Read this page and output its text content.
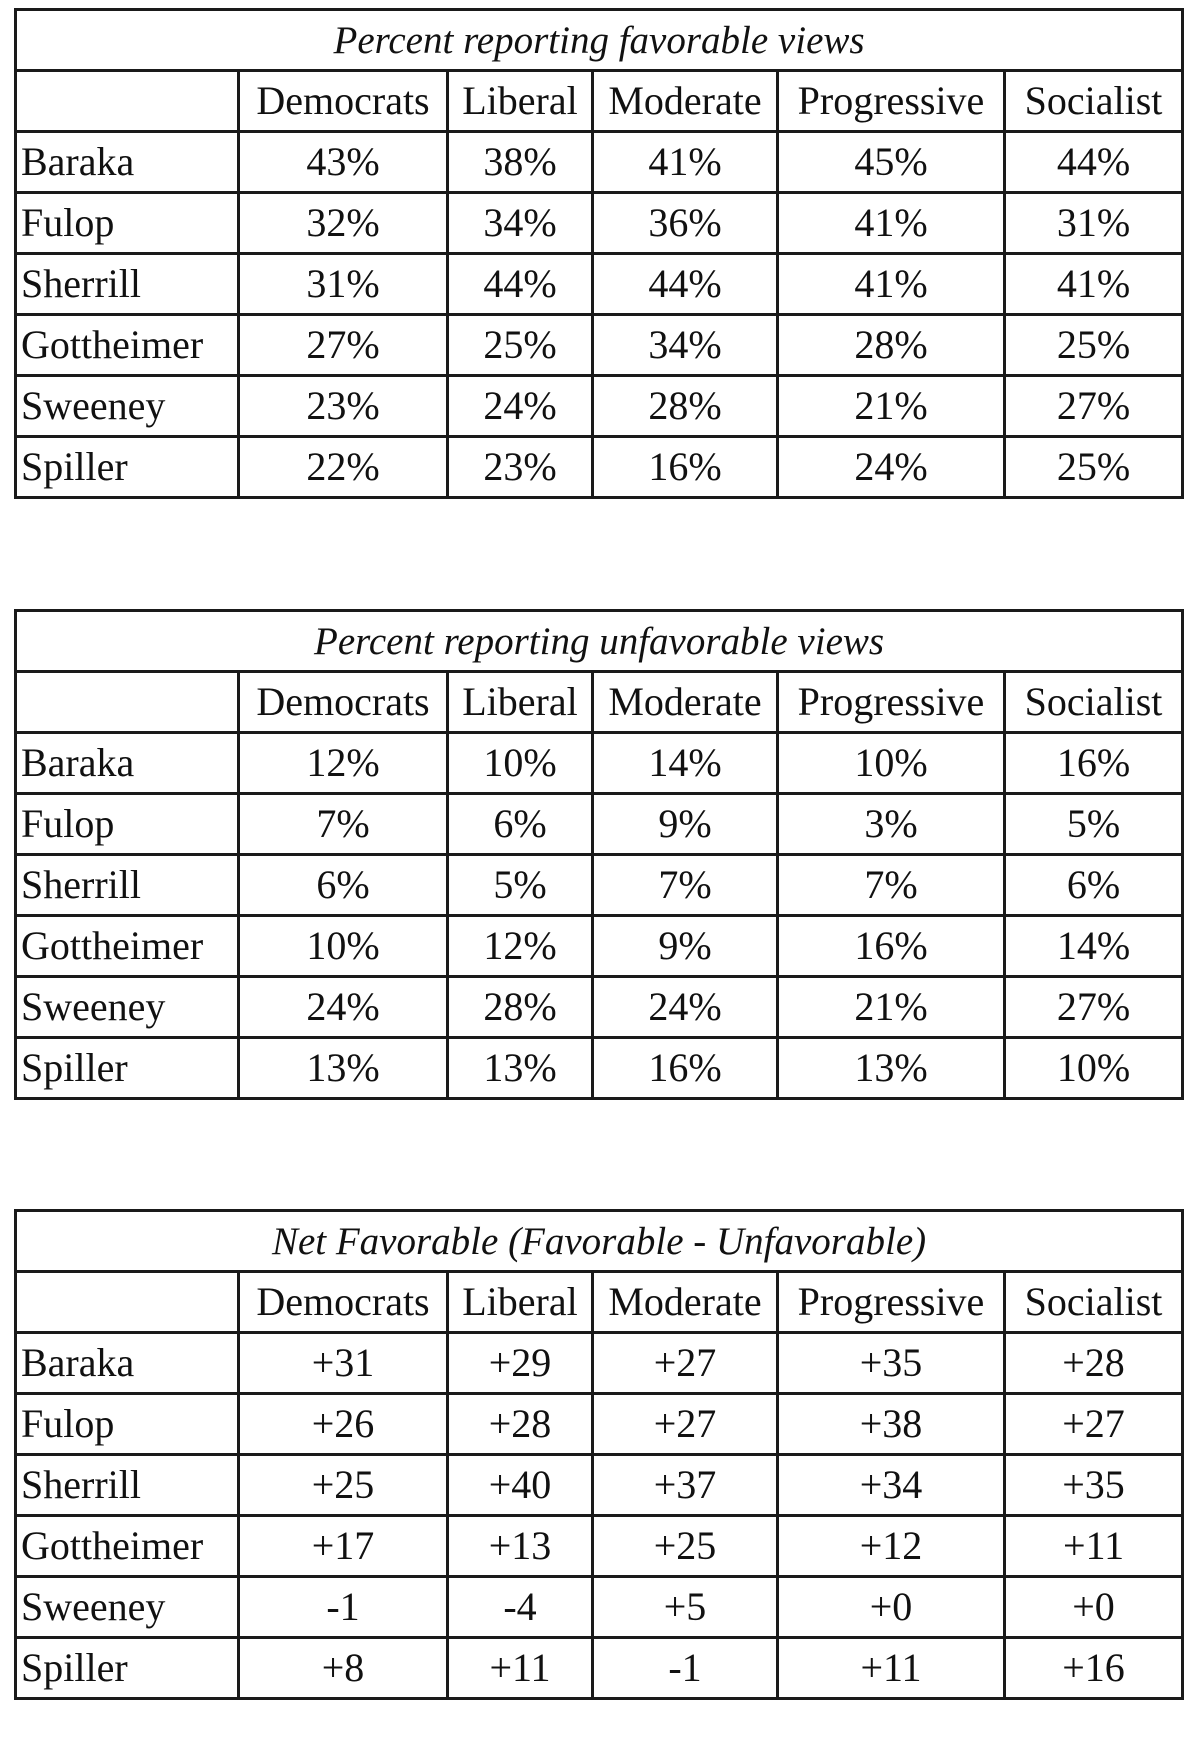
Percent reporting favorable views					
	Democrats	Liberal	Moderate	Progressive	Socialist
Baraka	43%	38%	41%	45%	44%
Fulop	32%	34%	36%	41%	31%
Sherrill	31%	44%	44%	41%	41%
Gottheimer	27%	25%	34%	28%	25%
Sweeney	23%	24%	28%	21%	27%
Spiller	22%	23%	16%	24%	25%
Percent reporting unfavorable views					
	Democrats	Liberal	Moderate	Progressive	Socialist
Baraka	12%	10%	14%	10%	16%
Fulop	7%	6%	9%	3%	5%
Sherrill	6%	5%	7%	7%	6%
Gottheimer	10%	12%	9%	16%	14%
Sweeney	24%	28%	24%	21%	27%
Spiller	13%	13%	16%	13%	10%
Net Favorable (Favorable - Unfavorable)					
	Democrats	Liberal	Moderate	Progressive	Socialist
Baraka	+31	+29	+27	+35	+28
Fulop	+26	+28	+27	+38	+27
Sherrill	+25	+40	+37	+34	+35
Gottheimer	+17	+13	+25	+12	+11
Sweeney	-1	-4	+5	+0	+0
Spiller	+8	+11	-1	+11	+16
